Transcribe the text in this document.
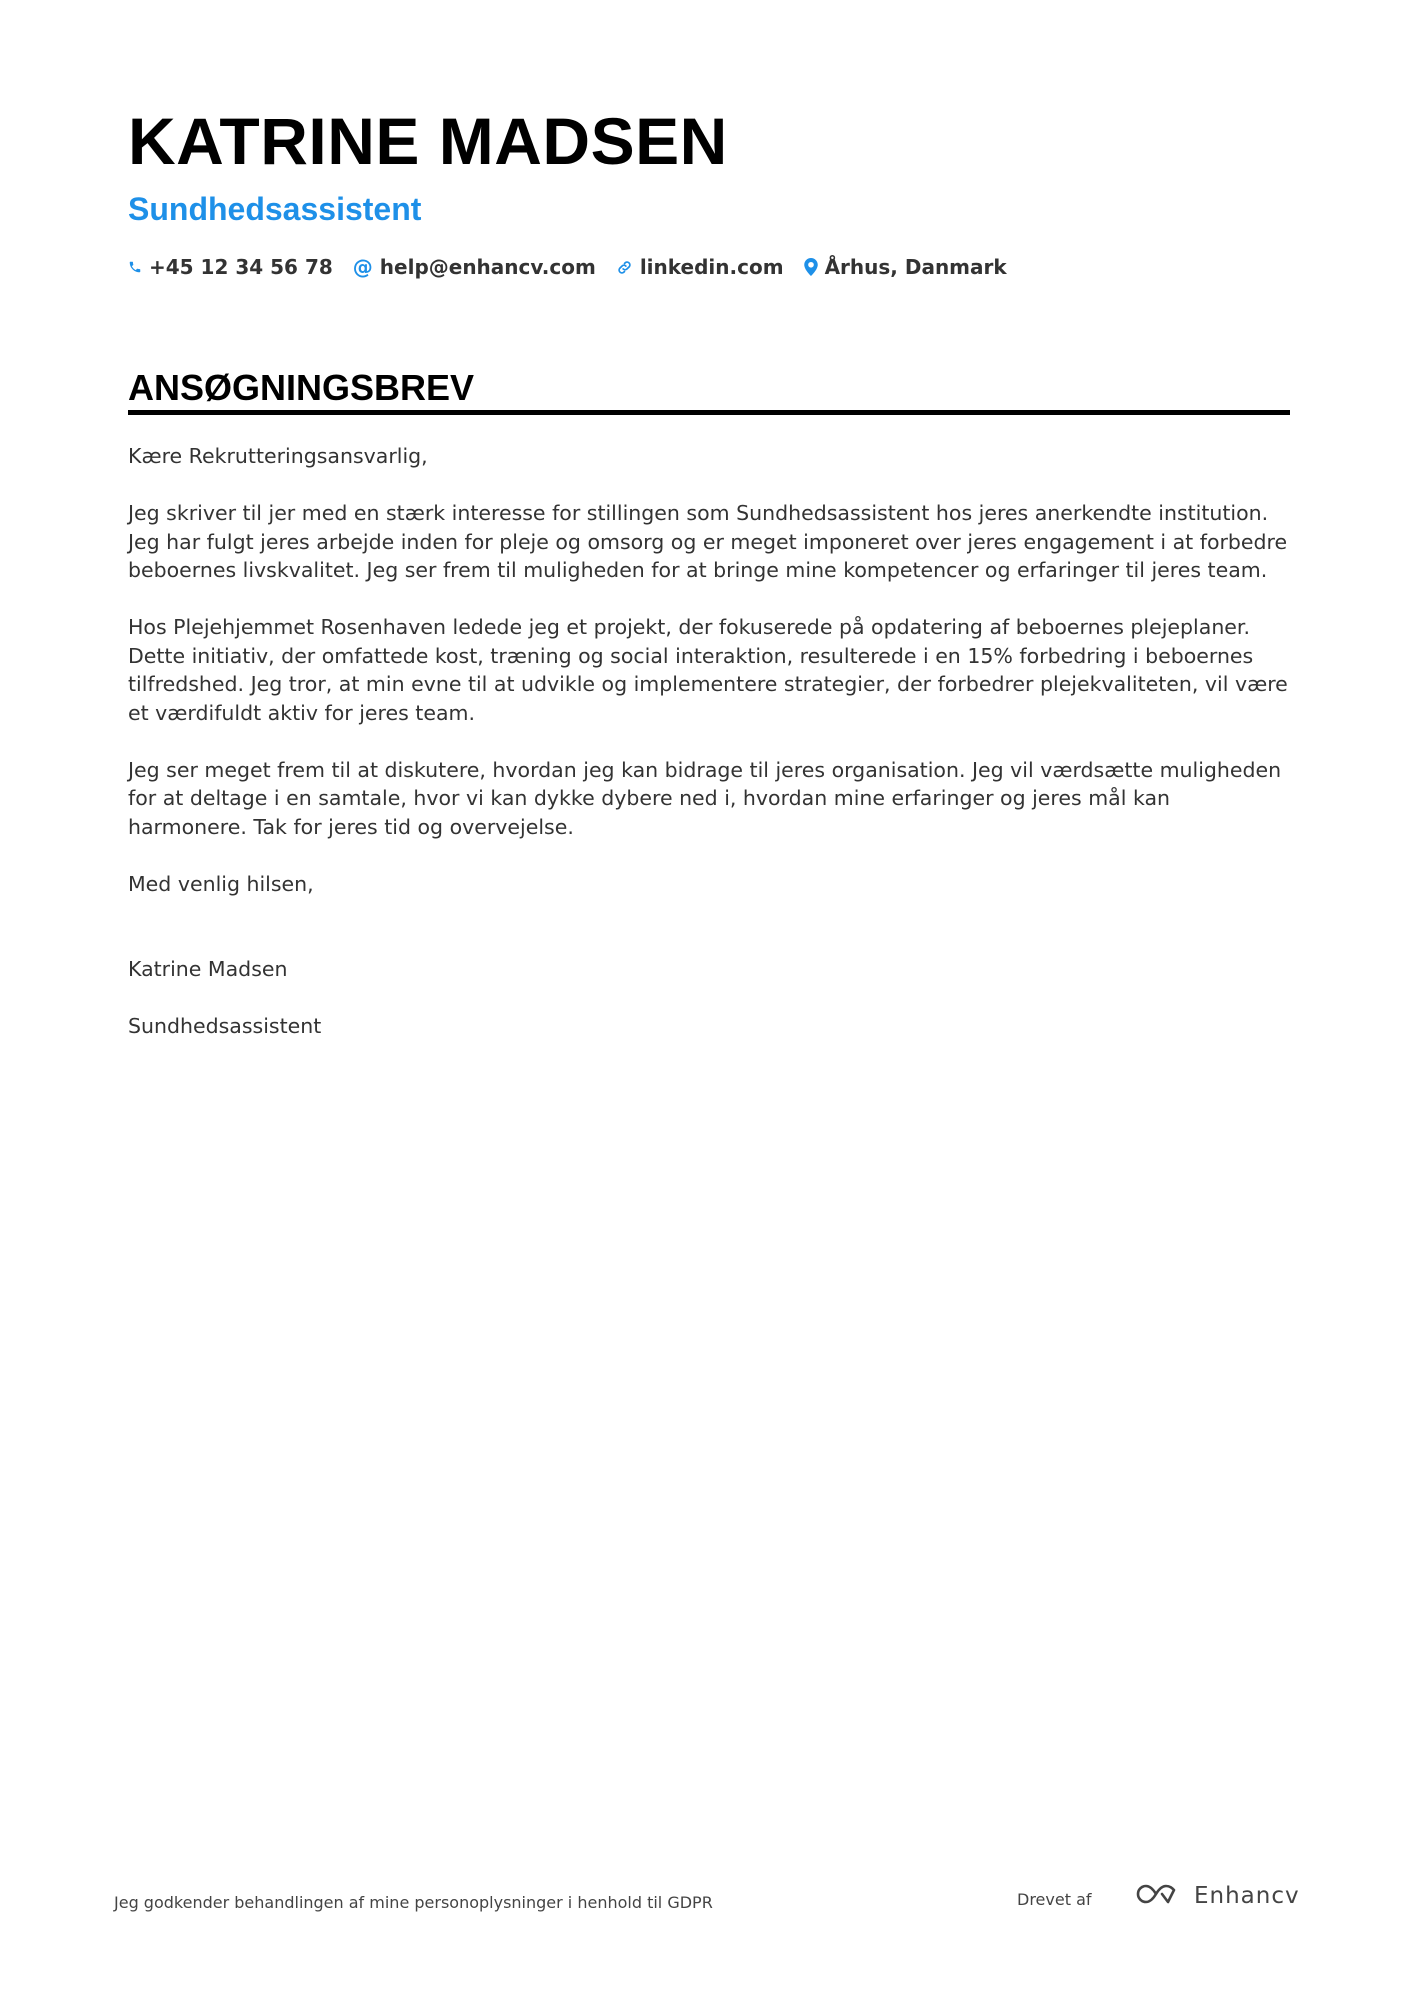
KATRINE MADSEN
Sundhedsassistent
+45 12 34 56 78 @ help@enhancv.com linkedin.com Århus, Danmark
ANSØGNINGSBREV

Kære Rekrutteringsansvarlig,

Jeg skriver til jer med en stærk interesse for stillingen som Sundhedsassistent hos jeres anerkendte institution. Jeg har fulgt jeres arbejde inden for pleje og omsorg og er meget imponeret over jeres engagement i at forbedre beboernes livskvalitet. Jeg ser frem til muligheden for at bringe mine kompetencer og erfaringer til jeres team.

Hos Plejehjemmet Rosenhaven ledede jeg et projekt, der fokuserede på opdatering af beboernes plejeplaner. Dette initiativ, der omfattede kost, træning og social interaktion, resulterede i en 15% forbedring i beboernes tilfredshed. Jeg tror, at min evne til at udvikle og implementere strategier, der forbedrer plejekvaliteten, vil være et værdifuldt aktiv for jeres team.

Jeg ser meget frem til at diskutere, hvordan jeg kan bidrage til jeres organisation. Jeg vil værdsætte muligheden for at deltage i en samtale, hvor vi kan dykke dybere ned i, hvordan mine erfaringer og jeres mål kan harmonere. Tak for jeres tid og overvejelse.

Med venlig hilsen,

Katrine Madsen

Sundhedsassistent

Jeg godkender behandlingen af mine personoplysninger i henhold til GDPR	Drevet af	Enhancv
